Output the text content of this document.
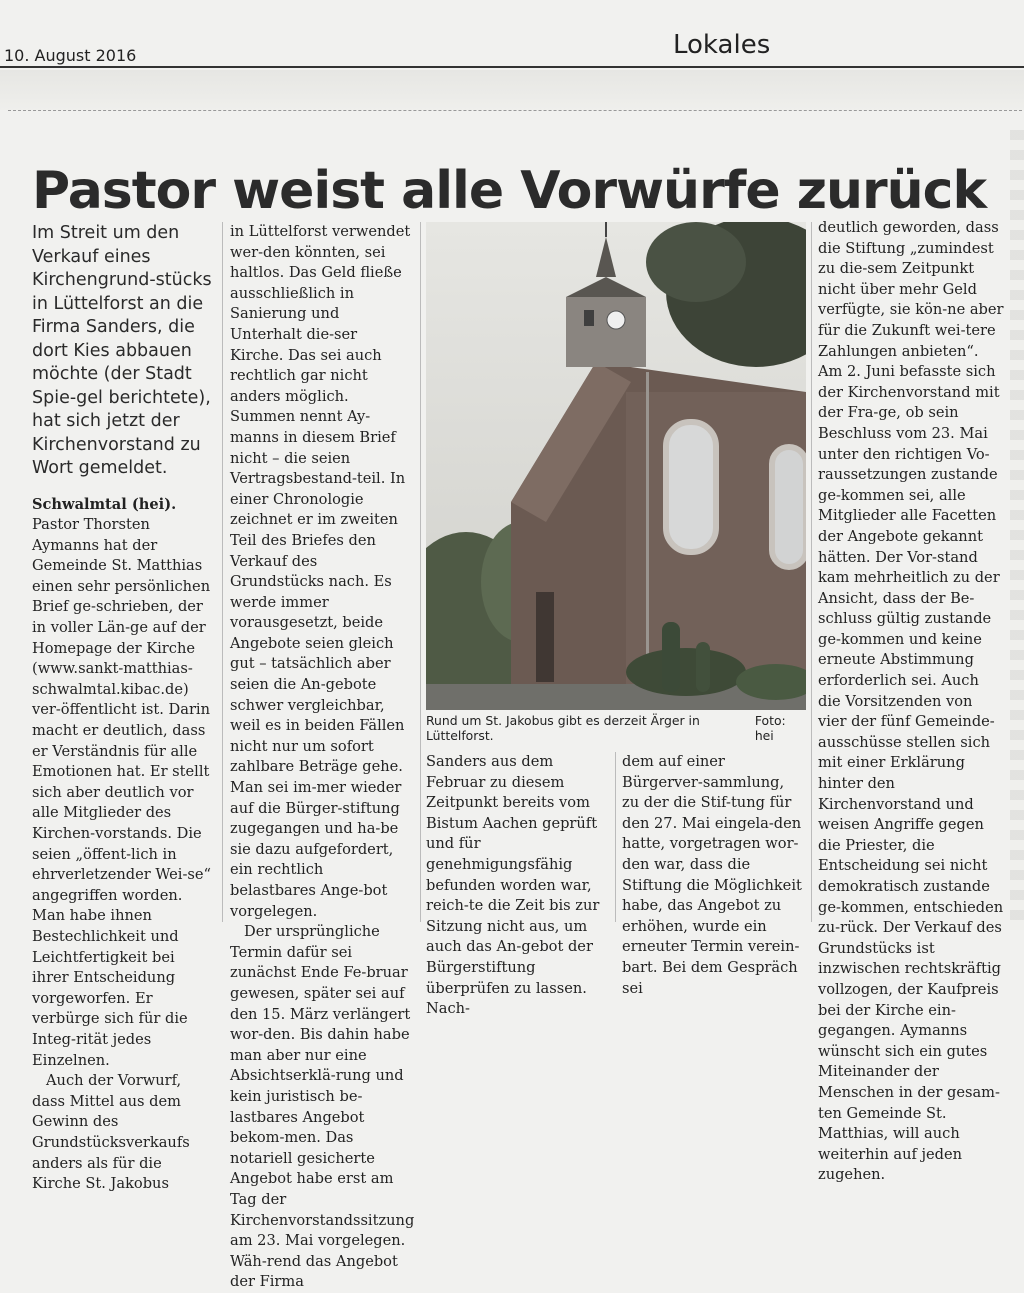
10. August 2016	Lokales
Pastor weist alle Vorwürfe zurück

Im Streit um den Verkauf eines Kirchengrund-stücks in Lüttelforst an die Firma Sanders, die dort Kies abbauen möchte (der Stadt Spie-gel berichtete), hat sich jetzt der Kirchenvorstand zu Wort gemeldet.

Schwalmtal (hei). Pastor Thorsten Aymanns hat der Gemeinde St. Matthias einen sehr persönlichen Brief ge-schrieben, der in voller Län-ge auf der Homepage der Kirche (www.sankt-matthias-schwalmtal.kibac.de) ver-öffentlicht ist. Darin macht er deutlich, dass er Verständnis für alle Emotionen hat. Er stellt sich aber deutlich vor alle Mitglieder des Kirchen-vorstands. Die seien „öffent-lich in ehrverletzender Wei-se“ angegriffen worden. Man habe ihnen Bestechlichkeit und Leichtfertigkeit bei ihrer Entscheidung vorgeworfen. Er verbürge sich für die Integ-rität jedes Einzelnen.

Auch der Vorwurf, dass Mittel aus dem Gewinn des Grundstücksverkaufs anders als für die Kirche St. Jakobus

in Lüttelforst verwendet wer-den könnten, sei haltlos. Das Geld fließe ausschließlich in Sanierung und Unterhalt die-ser Kirche. Das sei auch rechtlich gar nicht anders möglich. Summen nennt Ay-manns in diesem Brief nicht – die seien Vertragsbestand-teil. In einer Chronologie zeichnet er im zweiten Teil des Briefes den Verkauf des Grundstücks nach. Es werde immer vorausgesetzt, beide Angebote seien gleich gut – tatsächlich aber seien die An-gebote schwer vergleichbar, weil es in beiden Fällen nicht nur um sofort zahlbare Beträge gehe. Man sei im-mer wieder auf die Bürger-stiftung zugegangen und ha-be sie dazu aufgefordert, ein rechtlich belastbares Ange-bot vorgelegen.

Der ursprüngliche Termin dafür sei zunächst Ende Fe-bruar gewesen, später sei auf den 15. März verlängert wor-den. Bis dahin habe man aber nur eine Absichtserklä-rung und kein juristisch be-lastbares Angebot bekom-men. Das notariell gesicherte Angebot habe erst am Tag der Kirchenvorstandssitzung am 23. Mai vorgelegen. Wäh-rend das Angebot der Firma

Rund um St. Jakobus gibt es derzeit Ärger in Lüttelforst.
Foto: hei

Sanders aus dem Februar zu diesem Zeitpunkt bereits vom Bistum Aachen geprüft und für genehmigungsfähig befunden worden war, reich-te die Zeit bis zur Sitzung nicht aus, um auch das An-gebot der Bürgerstiftung überprüfen zu lassen. Nach-

dem auf einer Bürgerver-sammlung, zu der die Stif-tung für den 27. Mai eingela-den hatte, vorgetragen wor-den war, dass die Stiftung die Möglichkeit habe, das Angebot zu erhöhen, wurde ein erneuter Termin verein-bart. Bei dem Gespräch sei

deutlich geworden, dass die Stiftung „zumindest zu die-sem Zeitpunkt nicht über mehr Geld verfügte, sie kön-ne aber für die Zukunft wei-tere Zahlungen anbieten“. Am 2. Juni befasste sich der Kirchenvorstand mit der Fra-ge, ob sein Beschluss vom 23. Mai unter den richtigen Vo-raussetzungen zustande ge-kommen sei, alle Mitglieder alle Facetten der Angebote gekannt hätten. Der Vor-stand kam mehrheitlich zu der Ansicht, dass der Be-schluss gültig zustande ge-kommen und keine erneute Abstimmung erforderlich sei. Auch die Vorsitzenden von vier der fünf Gemeinde-ausschüsse stellen sich mit einer Erklärung hinter den Kirchenvorstand und weisen Angriffe gegen die Priester, die Entscheidung sei nicht demokratisch zustande ge-kommen, entschieden zu-rück. Der Verkauf des Grundstücks ist inzwischen rechtskräftig vollzogen, der Kaufpreis bei der Kirche ein-gegangen. Aymanns wünscht sich ein gutes Miteinander der Menschen in der gesam-ten Gemeinde St. Matthias, will auch weiterhin auf jeden zugehen.
